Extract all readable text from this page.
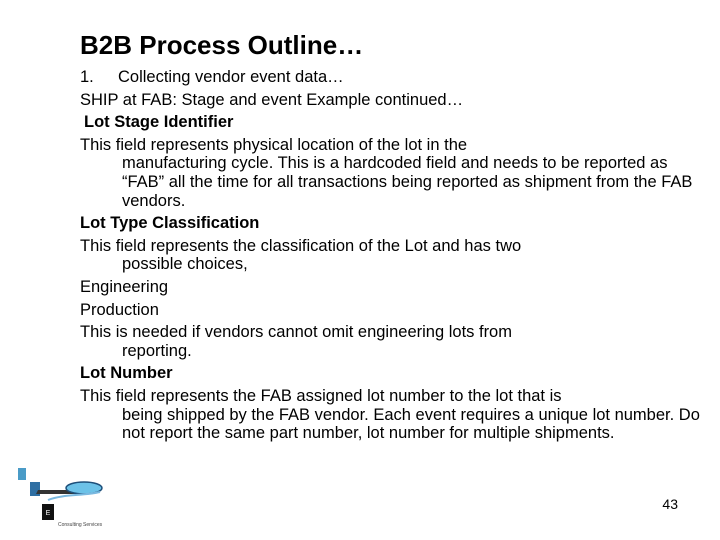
B2B Process Outline…
1. Collecting vendor event data…
SHIP at FAB: Stage and event Example continued…
Lot Stage Identifier
This field represents physical location of the lot in the
manufacturing cycle. This is a hardcoded field and needs to be reported as “FAB” all the time for all transactions being reported as shipment from the FAB vendors.
Lot Type Classification
This field represents the classification of the Lot and has two
possible choices,
Engineering
Production
This is needed if vendors cannot omit engineering lots from
reporting.
Lot Number
This field represents the FAB assigned lot number to the lot that is
being shipped by the FAB vendor. Each event requires a unique lot number. Do not report the same part number, lot number for multiple shipments.
E
Consulting Services
43
